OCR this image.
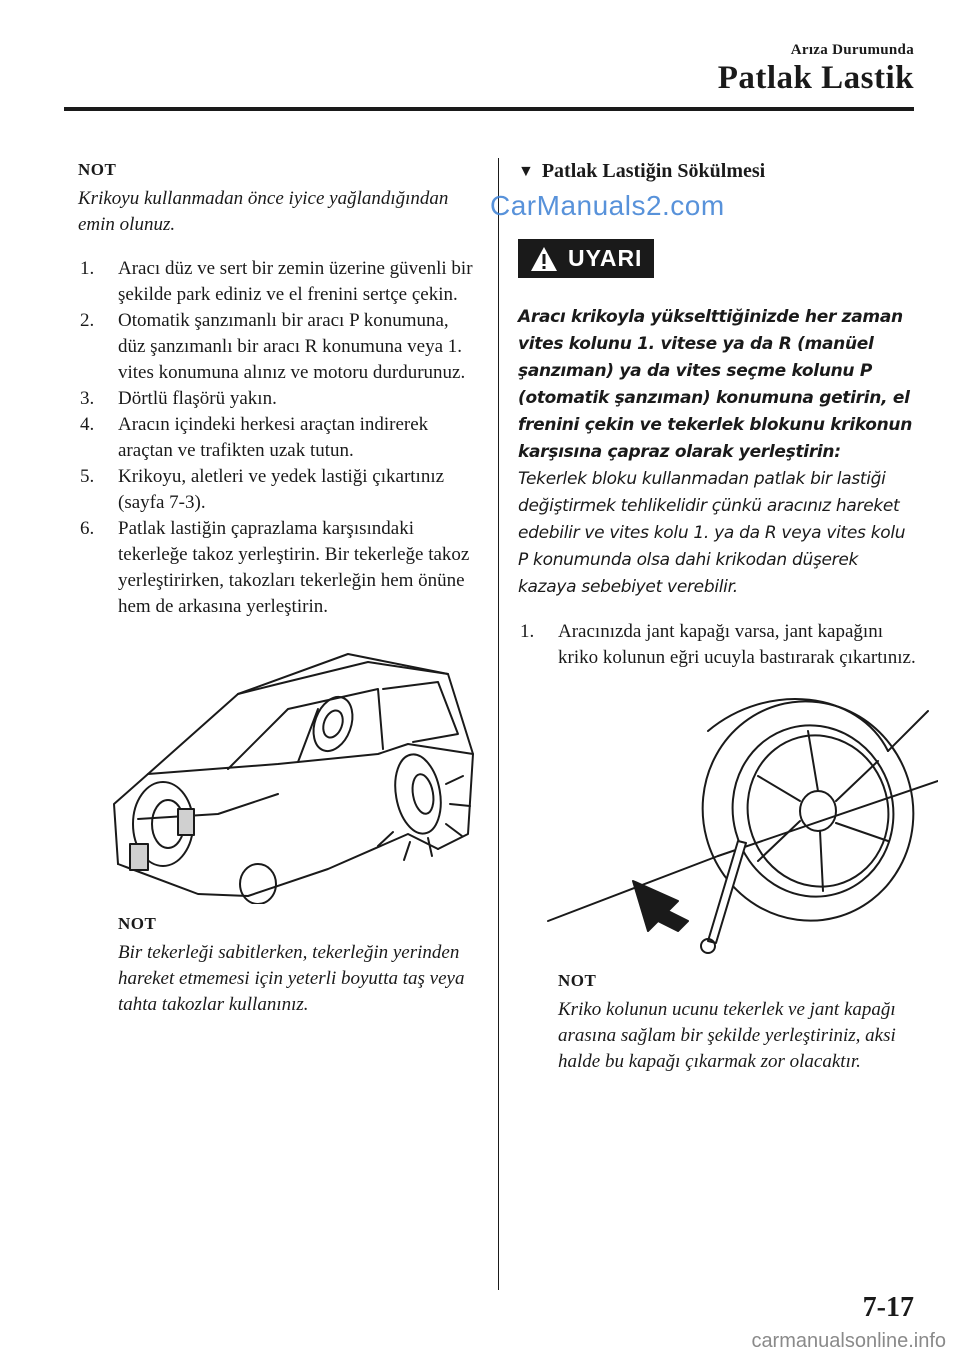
Arıza Durumunda
Patlak Lastik

NOT

Krikoyu kullanmadan önce iyice yağlandığından emin olunuz.

1. Aracı düz ve sert bir zemin üzerine güvenli bir şekilde park ediniz ve el frenini sertçe çekin.
2. Otomatik şanzımanlı bir aracı P konumuna, düz şanzımanlı bir aracı R konumuna veya 1. vites konumuna alınız ve motoru durdurunuz.
3. Dörtlü flaşörü yakın.
4. Aracın içindeki herkesi araçtan indirerek araçtan ve trafikten uzak tutun.
5. Krikoyu, aletleri ve yedek lastiği çıkartınız (sayfa 7-3).
6. Patlak lastiğin çaprazlama karşısındaki tekerleğe takoz yerleştirin. Bir tekerleğe takoz yerleştirirken, takozları tekerleğin hem önüne hem de arkasına yerleştirin.

NOT

Bir tekerleği sabitlerken, tekerleğin yerinden hareket etmemesi için yeterli boyutta taş veya tahta takozlar kullanınız.

CarManuals2.com

▼ Patlak Lastiğin Sökülmesi

UYARI
Aracı krikoyla yükselttiğinizde her zaman vites kolunu 1. vitese ya da R (manüel şanzıman) ya da vites seçme kolunu P (otomatik şanzıman) konumuna getirin, el frenini çekin ve tekerlek blokunu krikonun karşısına çapraz olarak yerleştirin:
Tekerlek bloku kullanmadan patlak bir lastiği değiştirmek tehlikelidir çünkü aracınız hareket edebilir ve vites kolu 1. ya da R veya vites kolu P konumunda olsa dahi krikodan düşerek kazaya sebebiyet verebilir.
1. Aracınızda jant kapağı varsa, jant kapağını kriko kolunun eğri ucuyla bastırarak çıkartınız.

NOT

Kriko kolunun ucunu tekerlek ve jant kapağı arasına sağlam bir şekilde yerleştiriniz, aksi halde bu kapağı çıkarmak zor olacaktır.

7-17
carmanualsonline.info
